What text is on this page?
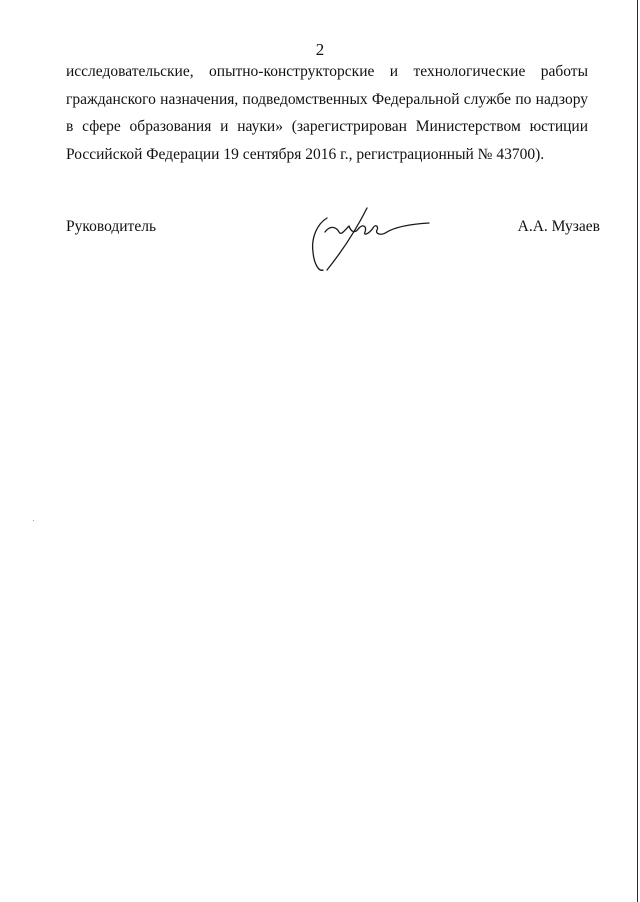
2
исследовательские, опытно-конструкторские и технологические работы
гражданского назначения, подведомственных Федеральной службе по надзору
в сфере образования и науки» (зарегистрирован Министерством юстиции
Российской Федерации 19 сентября 2016 г., регистрационный № 43700).
Руководитель	А.А. Музаев
